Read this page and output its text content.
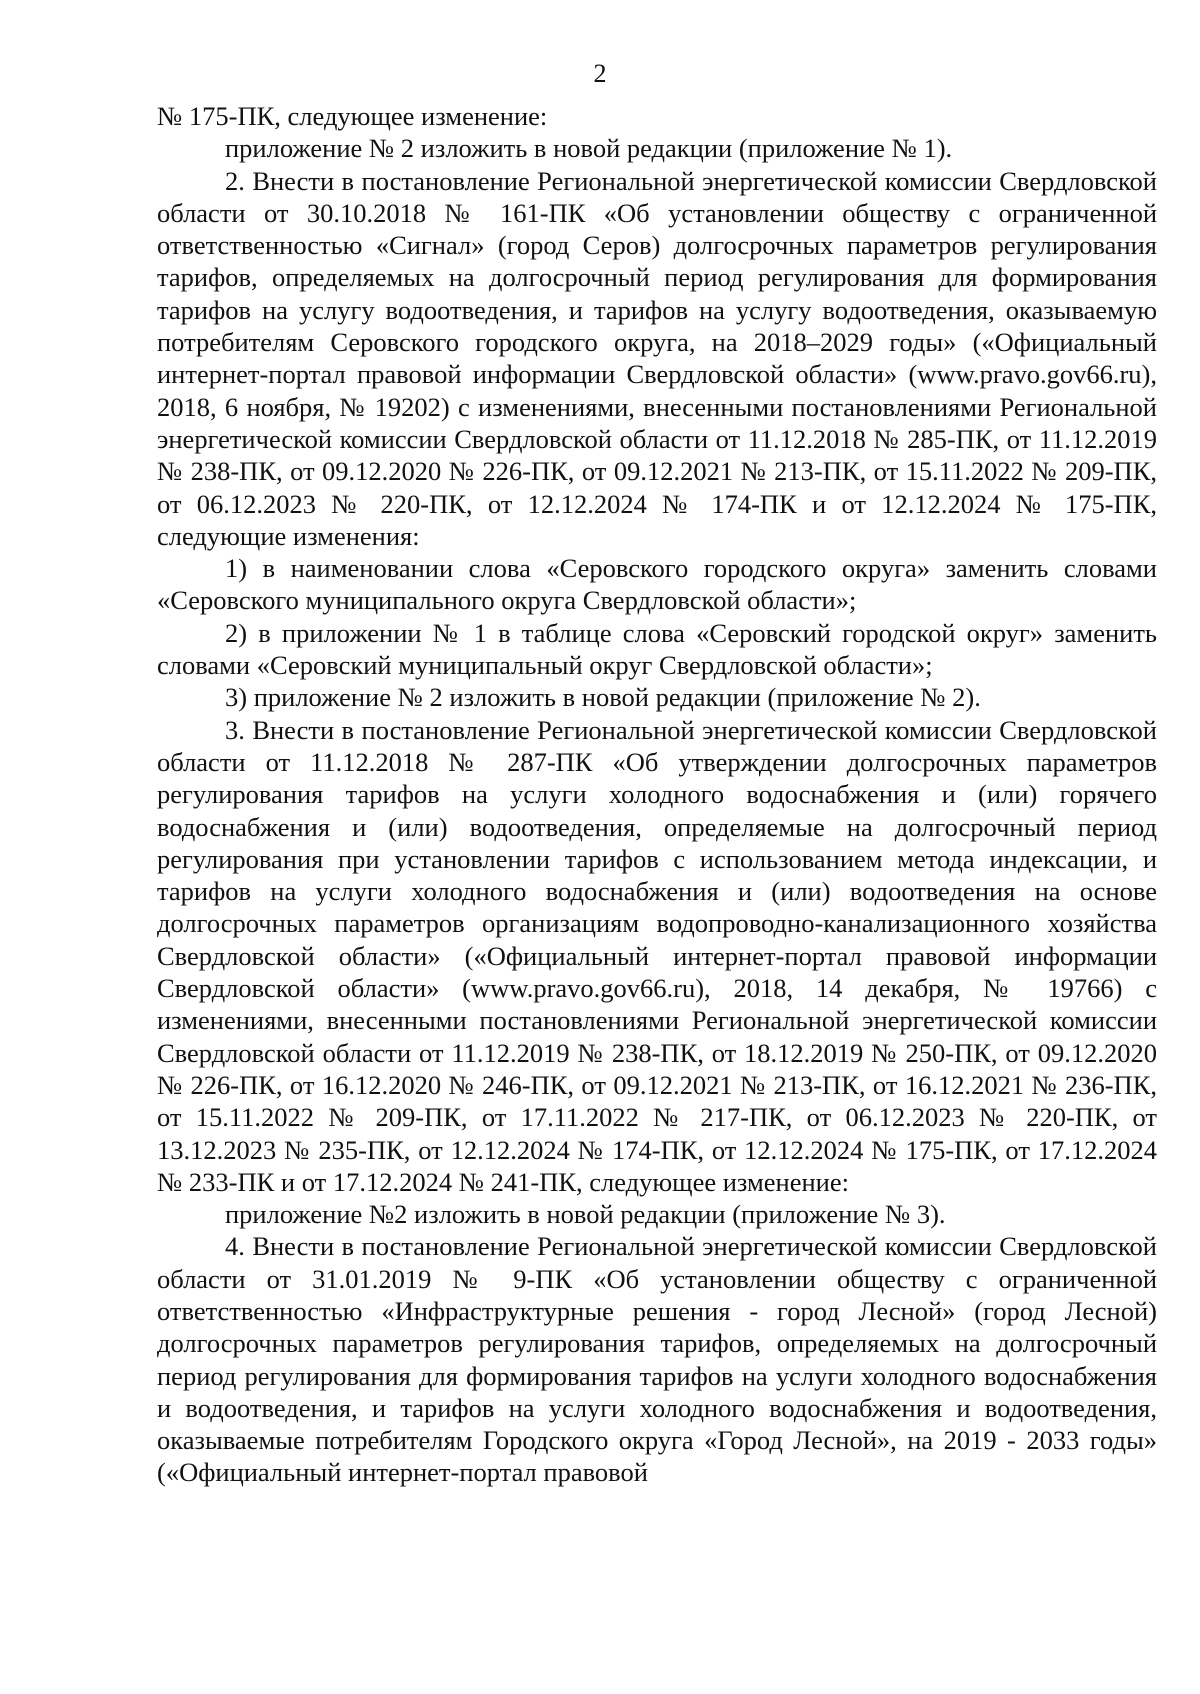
2

№ 175-ПК, следующее изменение:

приложение № 2 изложить в новой редакции (приложение № 1).

2. Внести в постановление Региональной энергетической комиссии Свердловской области от 30.10.2018 № 161-ПК «Об установлении обществу с ограниченной ответственностью «Сигнал» (город Серов) долгосрочных параметров регулирования тарифов, определяемых на долгосрочный период регулирования для формирования тарифов на услугу водоотведения, и тарифов на услугу водоотведения, оказываемую потребителям Серовского городского округа, на 2018–2029 годы» («Официальный интернет-портал правовой информации Свердловской области» (www.pravo.gov66.ru), 2018, 6 ноября, № 19202) с изменениями, внесенными постановлениями Региональной энергетической комиссии Свердловской области от 11.12.2018 № 285-ПК, от 11.12.2019 № 238-ПК, от 09.12.2020 № 226-ПК, от 09.12.2021 № 213-ПК, от 15.11.2022 № 209-ПК, от 06.12.2023 № 220-ПК, от 12.12.2024 № 174-ПК и от 12.12.2024 № 175-ПК, следующие изменения:

1) в наименовании слова «Серовского городского округа» заменить словами «Серовского муниципального округа Свердловской области»;

2) в приложении № 1 в таблице слова «Серовский городской округ» заменить словами «Серовский муниципальный округ Свердловской области»;

3) приложение № 2 изложить в новой редакции (приложение № 2).

3. Внести в постановление Региональной энергетической комиссии Свердловской области от 11.12.2018 № 287-ПК «Об утверждении долгосрочных параметров регулирования тарифов на услуги холодного водоснабжения и (или) горячего водоснабжения и (или) водоотведения, определяемые на долгосрочный период регулирования при установлении тарифов с использованием метода индексации, и тарифов на услуги холодного водоснабжения и (или) водоотведения на основе долгосрочных параметров организациям водопроводно-канализационного хозяйства Свердловской области» («Официальный интернет-портал правовой информации Свердловской области» (www.pravo.gov66.ru), 2018, 14 декабря, № 19766) с изменениями, внесенными постановлениями Региональной энергетической комиссии Свердловской области от 11.12.2019 № 238-ПК, от 18.12.2019 № 250-ПК, от 09.12.2020 № 226-ПК, от 16.12.2020 № 246-ПК, от 09.12.2021 № 213-ПК, от 16.12.2021 № 236-ПК, от 15.11.2022 № 209-ПК, от 17.11.2022 № 217-ПК, от 06.12.2023 № 220-ПК, от 13.12.2023 № 235-ПК, от 12.12.2024 № 174-ПК, от 12.12.2024 № 175-ПК, от 17.12.2024 № 233-ПК и от 17.12.2024 № 241-ПК, следующее изменение:

приложение №2 изложить в новой редакции (приложение № 3).

4. Внести в постановление Региональной энергетической комиссии Свердловской области от 31.01.2019 № 9-ПК «Об установлении обществу с ограниченной ответственностью «Инфраструктурные решения - город Лесной» (город Лесной) долгосрочных параметров регулирования тарифов, определяемых на долгосрочный период регулирования для формирования тарифов на услуги холодного водоснабжения и водоотведения, и тарифов на услуги холодного водоснабжения и водоотведения, оказываемые потребителям Городского округа «Город Лесной», на 2019 - 2033 годы» («Официальный интернет-портал правовой
